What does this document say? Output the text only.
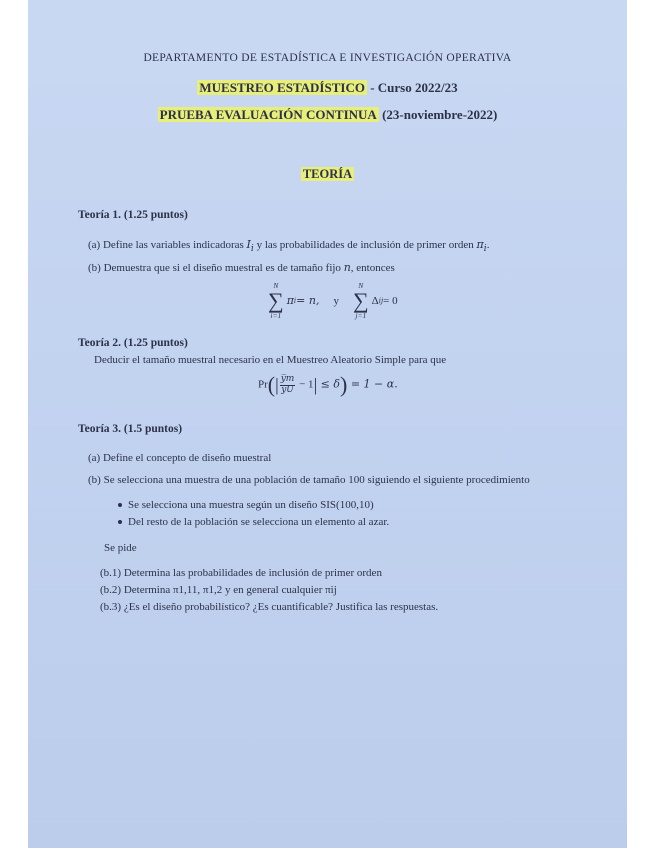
DEPARTAMENTO DE ESTADÍSTICA E INVESTIGACIÓN OPERATIVA
MUESTREO ESTADÍSTICO - Curso 2022/23
PRUEBA EVALUACIÓN CONTINUA (23-noviembre-2022)
TEORÍA
Teoría 1. (1.25 puntos)
(a) Define las variables indicadoras $I_i$ y las probabilidades de inclusión de primer orden $\pi_i$.
(b) Demuestra que si el diseño muestral es de tamaño fijo n, entonces
N
∑
i=1
π i = n, y
N
∑
j=1
Δ ij = 0
Teoría 2. (1.25 puntos)
Deducir el tamaño muestral necesario en el Muestreo Aleatorio Simple para que
$Pr(| \frac{y̅m}{y̅U} - 1| \le \delta) = 1 - \alpha$.
Teoría 3. (1.5 puntos)
(a) Define el concepto de diseño muestral
(b) Se selecciona una muestra de una población de tamaño 100 siguiendo el siguiente procedimiento
Se selecciona una muestra según un diseño SIS(100,10)
Del resto de la población se selecciona un elemento al azar.
Se pide
(b.1) Determina las probabilidades de inclusión de primer orden
(b.2) Determina π1,11, π1,2 y en general cualquier πij
(b.3) ¿Es el diseño probabilístico? ¿Es cuantificable? Justifica las respuestas.
